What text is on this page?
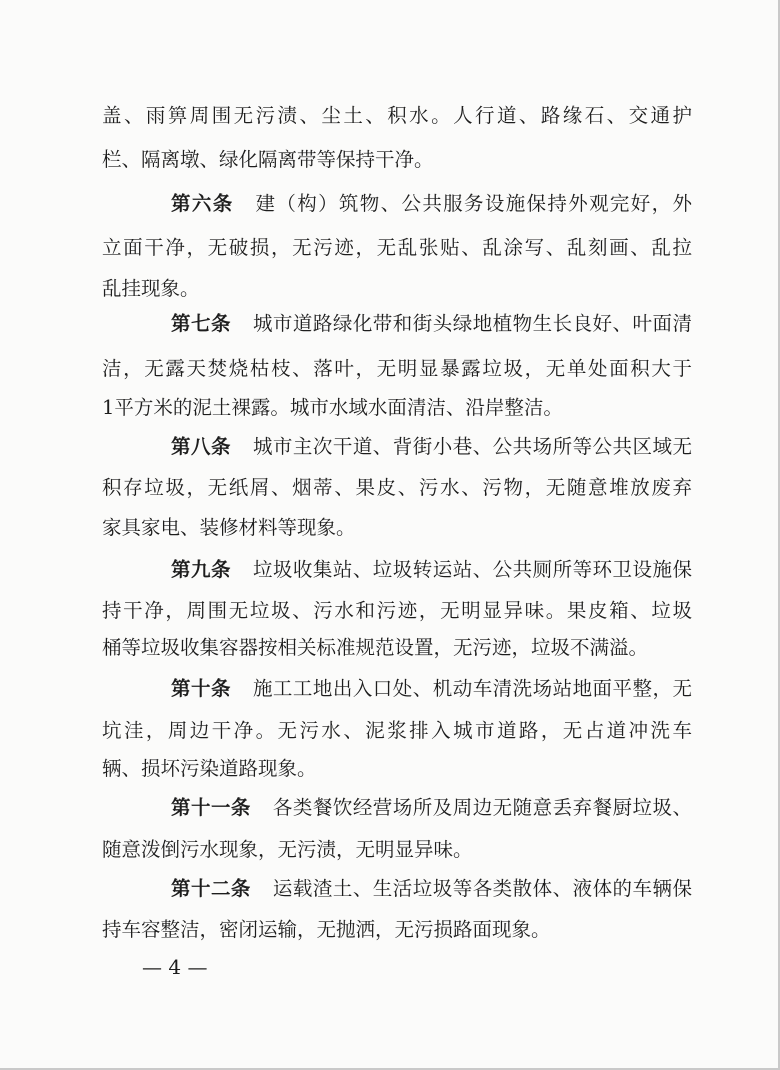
盖、雨箅周围无污渍、尘土、积水。人行道、路缘石、交通护
栏、隔离墩、绿化隔离带等保持干净。
第六条 建（构）筑物、公共服务设施保持外观完好，外
立面干净，无破损，无污迹，无乱张贴、乱涂写、乱刻画、乱拉
乱挂现象。
第七条 城市道路绿化带和街头绿地植物生长良好、叶面清
洁，无露天焚烧枯枝、落叶，无明显暴露垃圾，无单处面积大于
1平方米的泥土裸露。城市水域水面清洁、沿岸整洁。
第八条 城市主次干道、背街小巷、公共场所等公共区域无
积存垃圾，无纸屑、烟蒂、果皮、污水、污物，无随意堆放废弃
家具家电、装修材料等现象。
第九条 垃圾收集站、垃圾转运站、公共厕所等环卫设施保
持干净，周围无垃圾、污水和污迹，无明显异味。果皮箱、垃圾
桶等垃圾收集容器按相关标准规范设置，无污迹，垃圾不满溢。
第十条 施工工地出入口处、机动车清洗场站地面平整，无
坑洼，周边干净。无污水、泥浆排入城市道路，无占道冲洗车
辆、损坏污染道路现象。
第十一条 各类餐饮经营场所及周边无随意丢弃餐厨垃圾、
随意泼倒污水现象，无污渍，无明显异味。
第十二条 运载渣土、生活垃圾等各类散体、液体的车辆保
持车容整洁，密闭运输，无抛洒，无污损路面现象。
— 4 —
